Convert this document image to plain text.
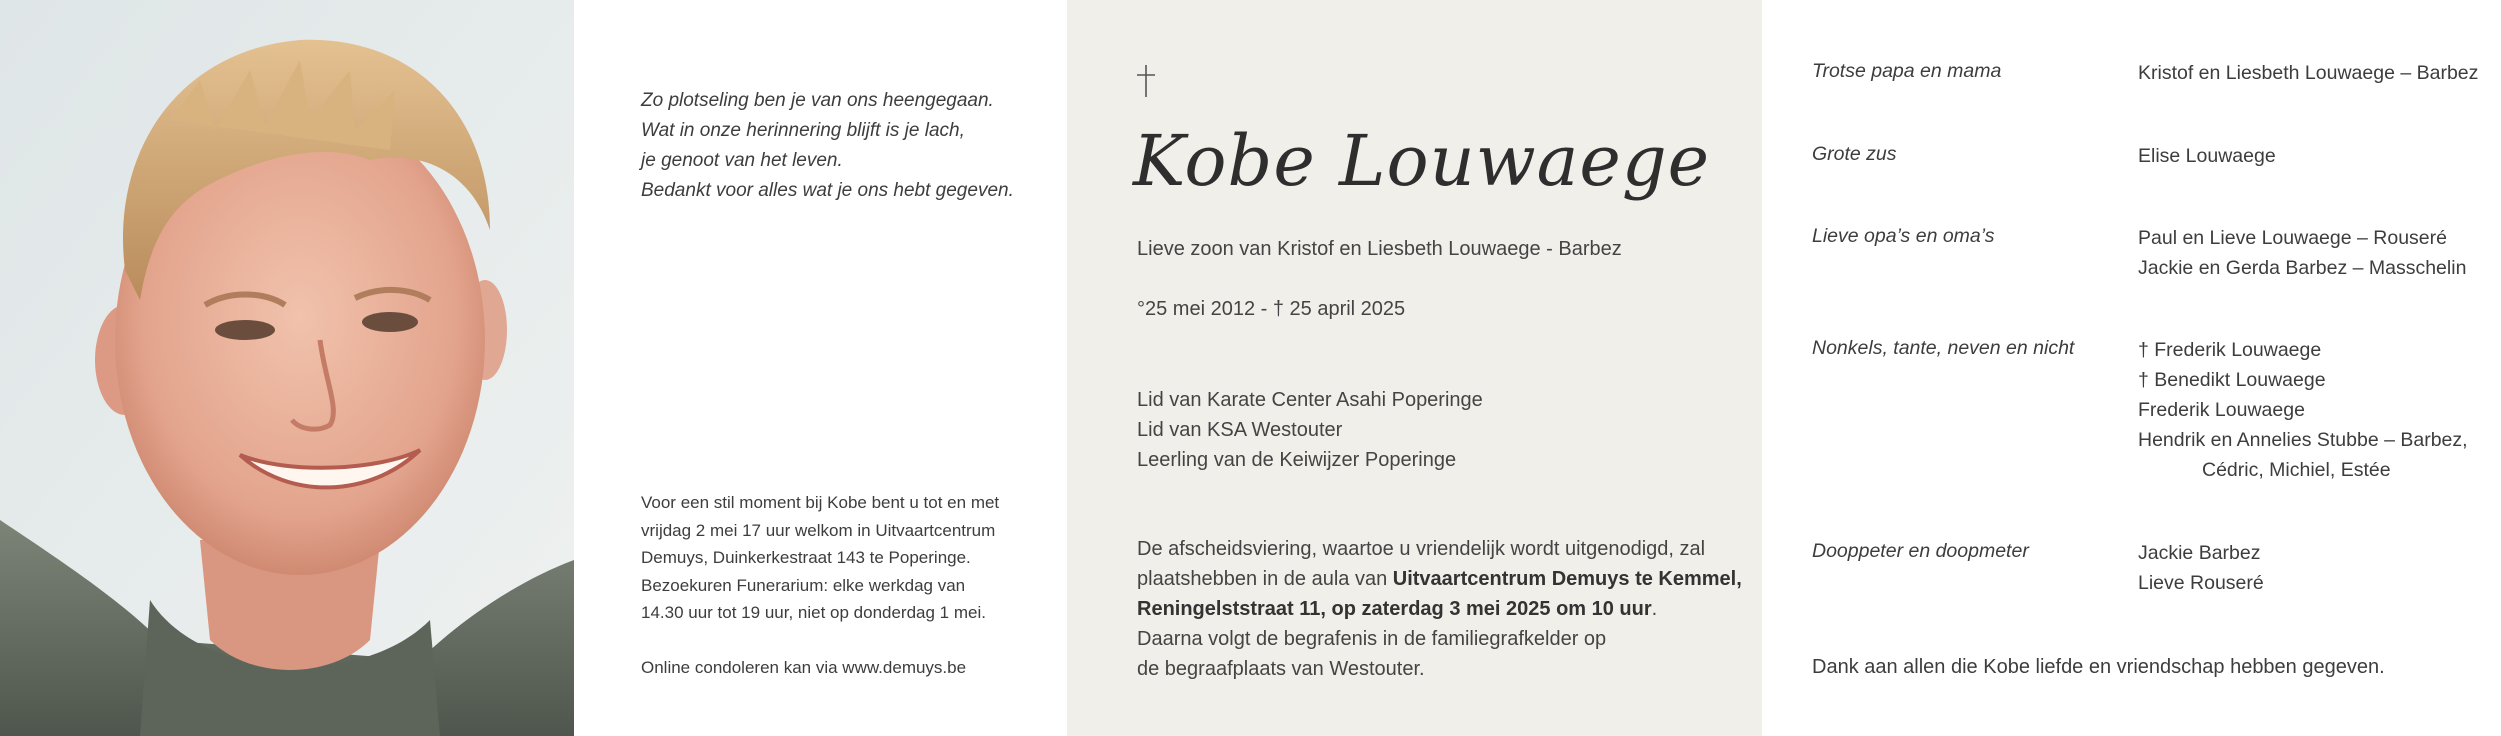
Zo plotseling ben je van ons heengegaan.
Wat in onze herinnering blijft is je lach,
je genoot van het leven.
Bedankt voor alles wat je ons hebt gegeven.
Voor een stil moment bij Kobe bent u tot en met
vrijdag 2 mei 17 uur welkom in Uitvaartcentrum
Demuys, Duinkerkestraat 143 te Poperinge.
Bezoekuren Funerarium: elke werkdag van
14.30 uur tot 19 uur, niet op donderdag 1 mei.
Online condoleren kan via www.demuys.be
Kobe Louwaege
Lieve zoon van Kristof en Liesbeth Louwaege - Barbez
°25 mei 2012 - † 25 april 2025
Lid van Karate Center Asahi Poperinge
Lid van KSA Westouter
Leerling van de Keiwijzer Poperinge
De afscheidsviering, waartoe u vriendelijk wordt uitgenodigd, zal
plaatshebben in de aula van Uitvaartcentrum Demuys te Kemmel,
Reningelststraat 11, op zaterdag 3 mei 2025 om 10 uur.
Daarna volgt de begrafenis in de familiegrafkelder op
de begraafplaats van Westouter.
Trotse papa en mama	Kristof en Liesbeth Louwaege – Barbez
Grote zus	Elise Louwaege
Lieve opa’s en oma’s	Paul en Lieve Louwaege – Rouseré
Jackie en Gerda Barbez – Masschelin
Nonkels, tante, neven en nicht	† Frederik Louwaege
† Benedikt Louwaege
Frederik Louwaege
Hendrik en Annelies Stubbe – Barbez,
Cédric, Michiel, Estée
Dooppeter en doopmeter	Jackie Barbez
Lieve Rouseré
Dank aan allen die Kobe liefde en vriendschap hebben gegeven.
